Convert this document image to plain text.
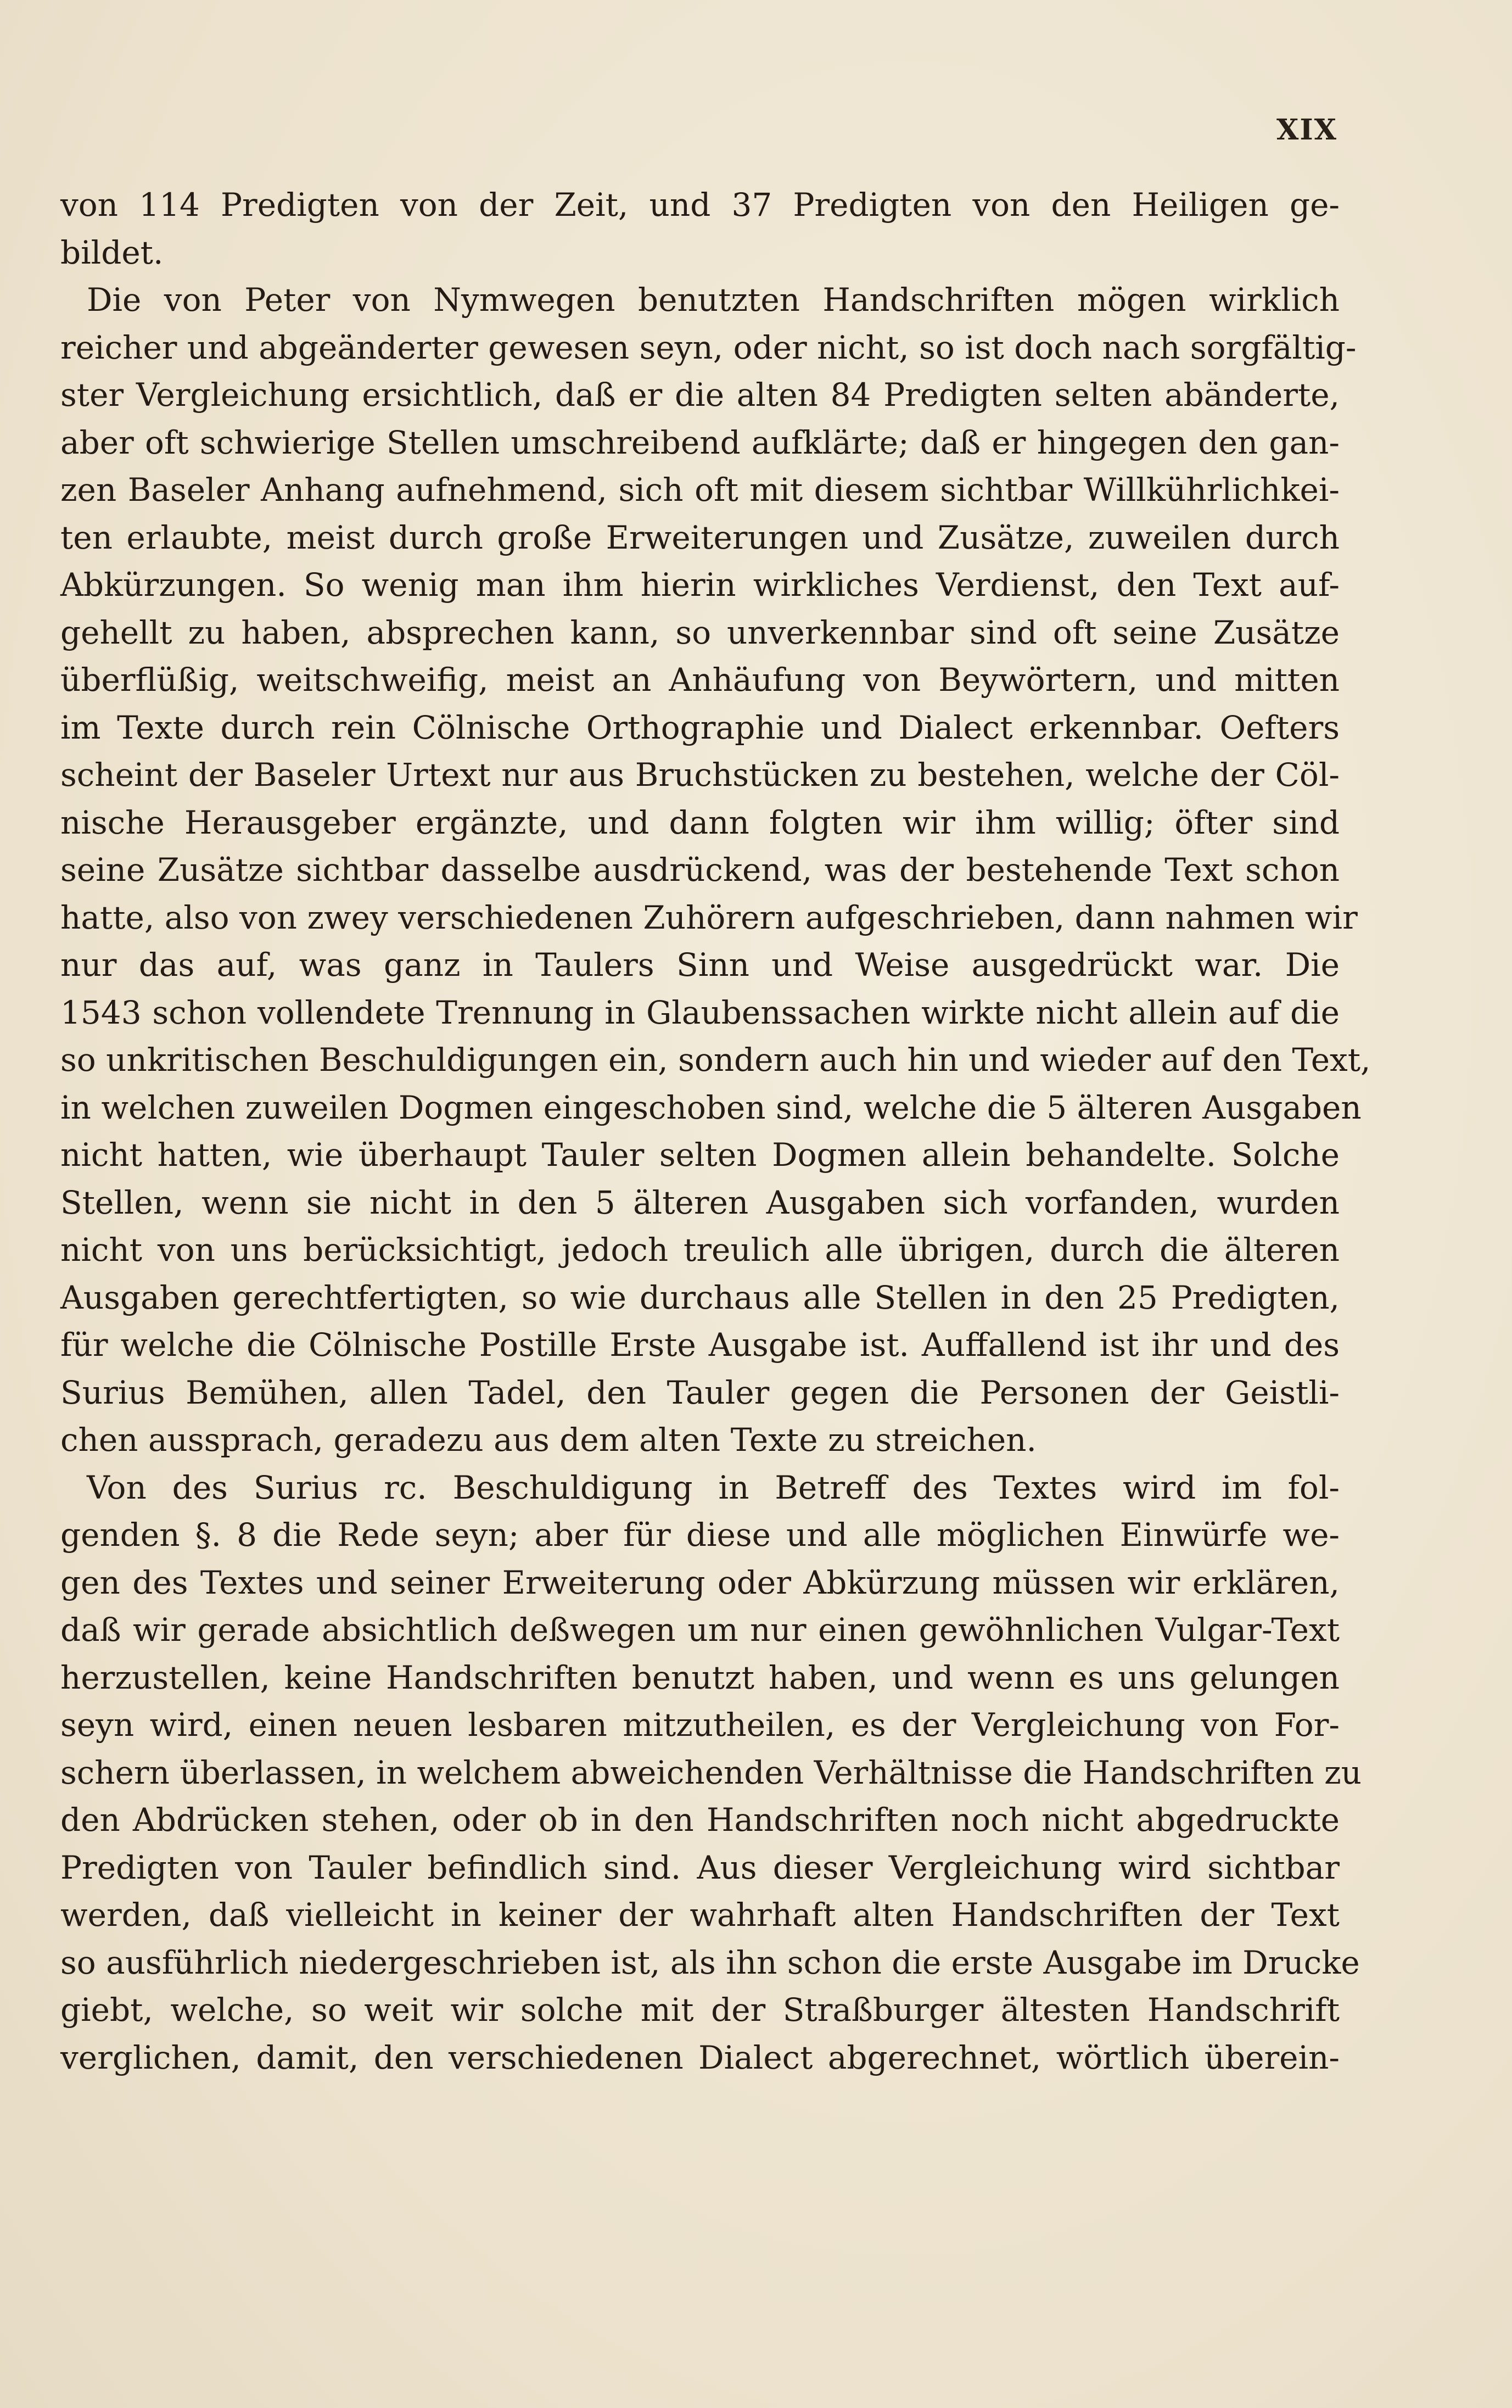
XIX
von 114 Predigten von der Zeit, und 37 Predigten von den Heiligen ge-
bildet.
Die von Peter von Nymwegen benutzten Handschriften mögen wirklich
reicher und abgeänderter gewesen seyn, oder nicht, so ist doch nach sorgfältig-
ster Vergleichung ersichtlich, daß er die alten 84 Predigten selten abänderte,
aber oft schwierige Stellen umschreibend aufklärte; daß er hingegen den gan-
zen Baseler Anhang aufnehmend, sich oft mit diesem sichtbar Willkührlichkei-
ten erlaubte, meist durch große Erweiterungen und Zusätze, zuweilen durch
Abkürzungen. So wenig man ihm hierin wirkliches Verdienst, den Text auf-
gehellt zu haben, absprechen kann, so unverkennbar sind oft seine Zusätze
überflüßig, weitschweifig, meist an Anhäufung von Beywörtern, und mitten
im Texte durch rein Cölnische Orthographie und Dialect erkennbar. Oefters
scheint der Baseler Urtext nur aus Bruchstücken zu bestehen, welche der Cöl-
nische Herausgeber ergänzte, und dann folgten wir ihm willig; öfter sind
seine Zusätze sichtbar dasselbe ausdrückend, was der bestehende Text schon
hatte, also von zwey verschiedenen Zuhörern aufgeschrieben, dann nahmen wir
nur das auf, was ganz in Taulers Sinn und Weise ausgedrückt war. Die
1543 schon vollendete Trennung in Glaubenssachen wirkte nicht allein auf die
so unkritischen Beschuldigungen ein, sondern auch hin und wieder auf den Text,
in welchen zuweilen Dogmen eingeschoben sind, welche die 5 älteren Ausgaben
nicht hatten, wie überhaupt Tauler selten Dogmen allein behandelte. Solche
Stellen, wenn sie nicht in den 5 älteren Ausgaben sich vorfanden, wurden
nicht von uns berücksichtigt, jedoch treulich alle übrigen, durch die älteren
Ausgaben gerechtfertigten, so wie durchaus alle Stellen in den 25 Predigten,
für welche die Cölnische Postille Erste Ausgabe ist. Auffallend ist ihr und des
Surius Bemühen, allen Tadel, den Tauler gegen die Personen der Geistli-
chen aussprach, geradezu aus dem alten Texte zu streichen.
Von des Surius rc. Beschuldigung in Betreff des Textes wird im fol-
genden §. 8 die Rede seyn; aber für diese und alle möglichen Einwürfe we-
gen des Textes und seiner Erweiterung oder Abkürzung müssen wir erklären,
daß wir gerade absichtlich deßwegen um nur einen gewöhnlichen Vulgar-Text
herzustellen, keine Handschriften benutzt haben, und wenn es uns gelungen
seyn wird, einen neuen lesbaren mitzutheilen, es der Vergleichung von For-
schern überlassen, in welchem abweichenden Verhältnisse die Handschriften zu
den Abdrücken stehen, oder ob in den Handschriften noch nicht abgedruckte
Predigten von Tauler befindlich sind. Aus dieser Vergleichung wird sichtbar
werden, daß vielleicht in keiner der wahrhaft alten Handschriften der Text
so ausführlich niedergeschrieben ist, als ihn schon die erste Ausgabe im Drucke
giebt, welche, so weit wir solche mit der Straßburger ältesten Handschrift
verglichen, damit, den verschiedenen Dialect abgerechnet, wörtlich überein-
